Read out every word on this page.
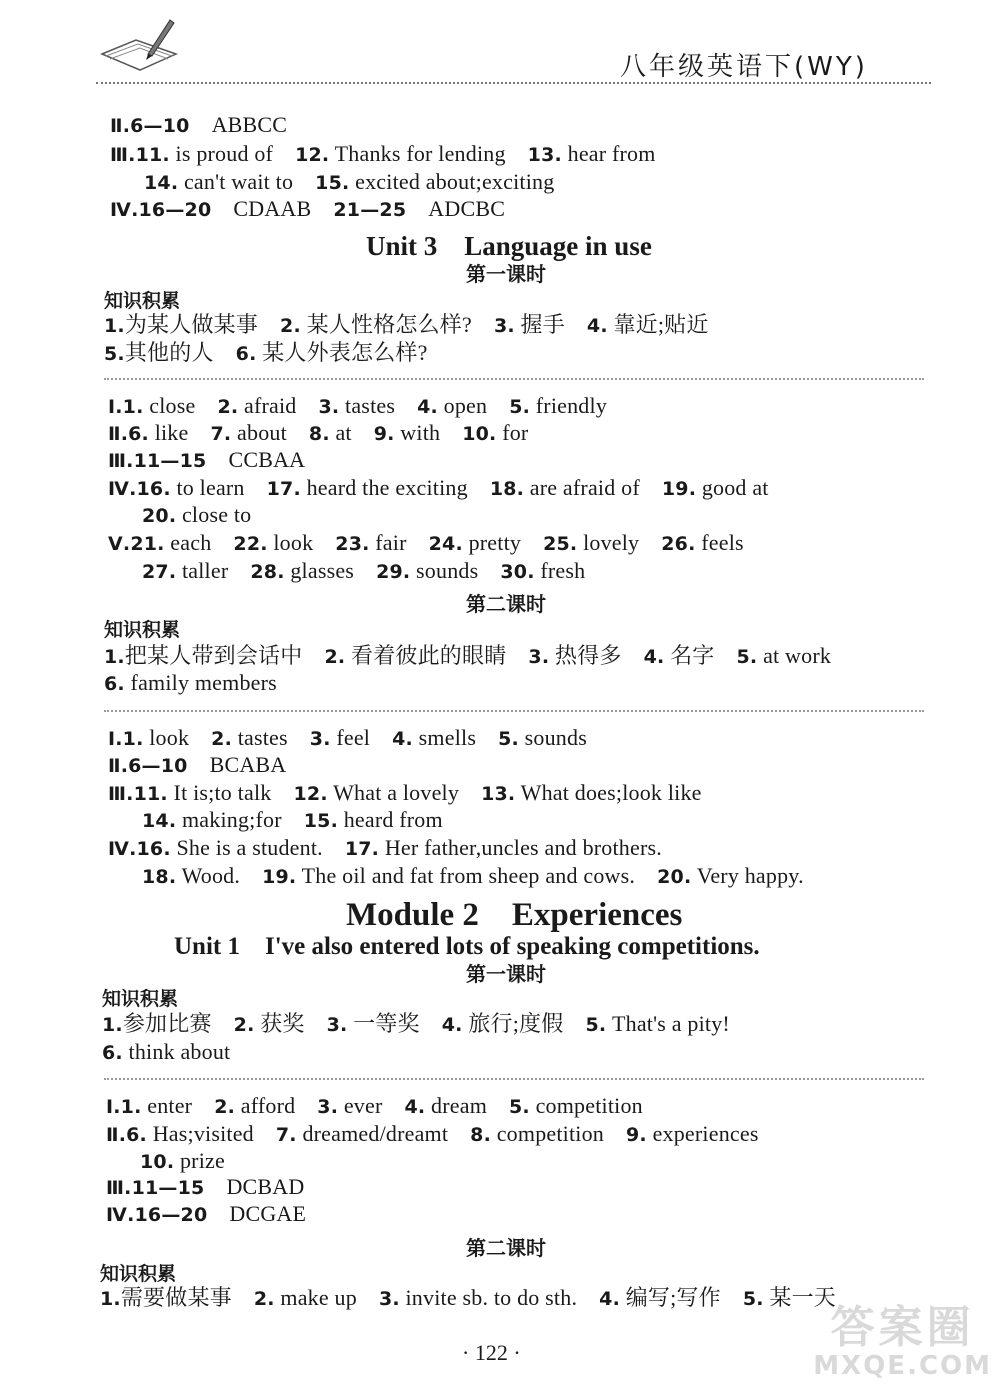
八年级英语下(WY)
Ⅱ.6—10 ABBCC
Ⅲ.11. is proud of 12. Thanks for lending 13. hear from
14. can't wait to 15. excited about;exciting
Ⅳ.16—20 CDAAB 21—25 ADCBC
Unit 3　Language in use
第一课时
知识积累
1.为某人做某事 2. 某人性格怎么样? 3. 握手 4. 靠近;贴近
5.其他的人 6. 某人外表怎么样?
Ⅰ.1. close 2. afraid 3. tastes 4. open 5. friendly
Ⅱ.6. like 7. about 8. at 9. with 10. for
Ⅲ.11—15 CCBAA
Ⅳ.16. to learn 17. heard the exciting 18. are afraid of 19. good at
20. close to
Ⅴ.21. each 22. look 23. fair 24. pretty 25. lovely 26. feels
27. taller 28. glasses 29. sounds 30. fresh
第二课时
知识积累
1.把某人带到会话中 2. 看着彼此的眼睛 3. 热得多 4. 名字 5. at work
6. family members
Ⅰ.1. look 2. tastes 3. feel 4. smells 5. sounds
Ⅱ.6—10 BCABA
Ⅲ.11. It is;to talk 12. What a lovely 13. What does;look like
14. making;for 15. heard from
Ⅳ.16. She is a student. 17. Her father,uncles and brothers.
18. Wood. 19. The oil and fat from sheep and cows. 20. Very happy.
Module 2　Experiences
Unit 1　I've also entered lots of speaking competitions.
第一课时
知识积累
1.参加比赛 2. 获奖 3. 一等奖 4. 旅行;度假 5. That's a pity!
6. think about
Ⅰ.1. enter 2. afford 3. ever 4. dream 5. competition
Ⅱ.6. Has;visited 7. dreamed/dreamt 8. competition 9. experiences
10. prize
Ⅲ.11—15 DCBAD
Ⅳ.16—20 DCGAE
第二课时
知识积累
1.需要做某事 2. make up 3. invite sb. to do sth. 4. 编写;写作 5. 某一天
· 122 ·	答案圈
MXQE.COM
